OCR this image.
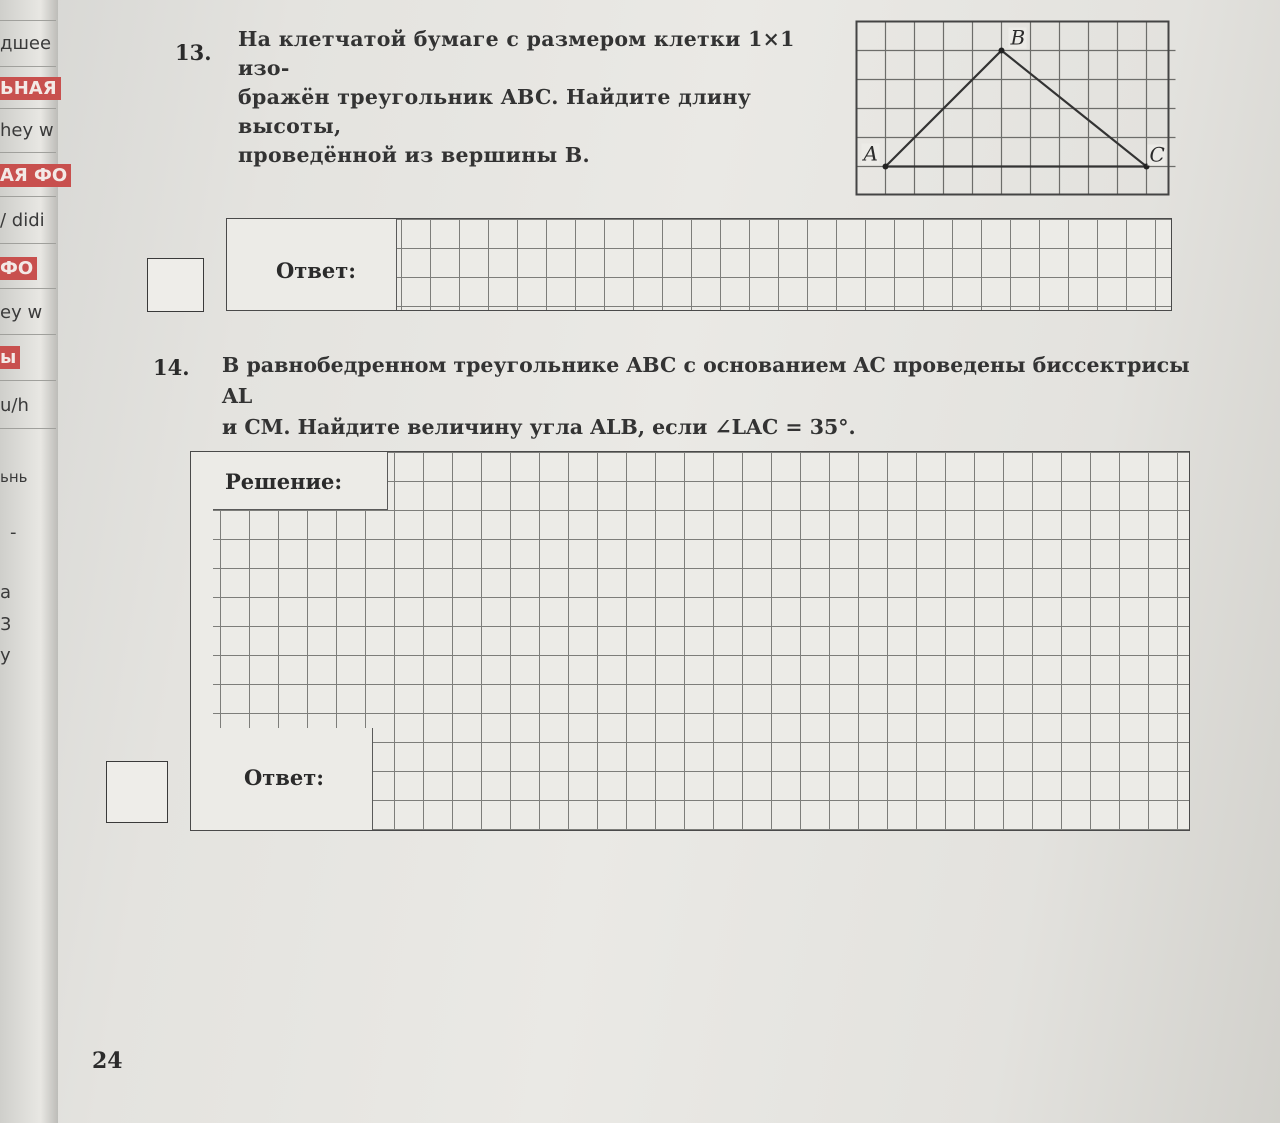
дшее
ЬНАЯ
hey w
АЯ ФО
/ didi
ФО
ey w
ы
u/h
ьнь
-
a
3
у
13.
На клетчатой бумаге с размером клетки 1×1 изо-
бражён треугольник ABC. Найдите длину высоты,
проведённой из вершины B.	A
B
C
Ответ:
14. В равнобедренном треугольнике ABC с основанием AC проведены биссектрисы AL
и CM. Найдите величину угла ALB, если ∠LAC = 35°.
Решение:
Ответ:
24
